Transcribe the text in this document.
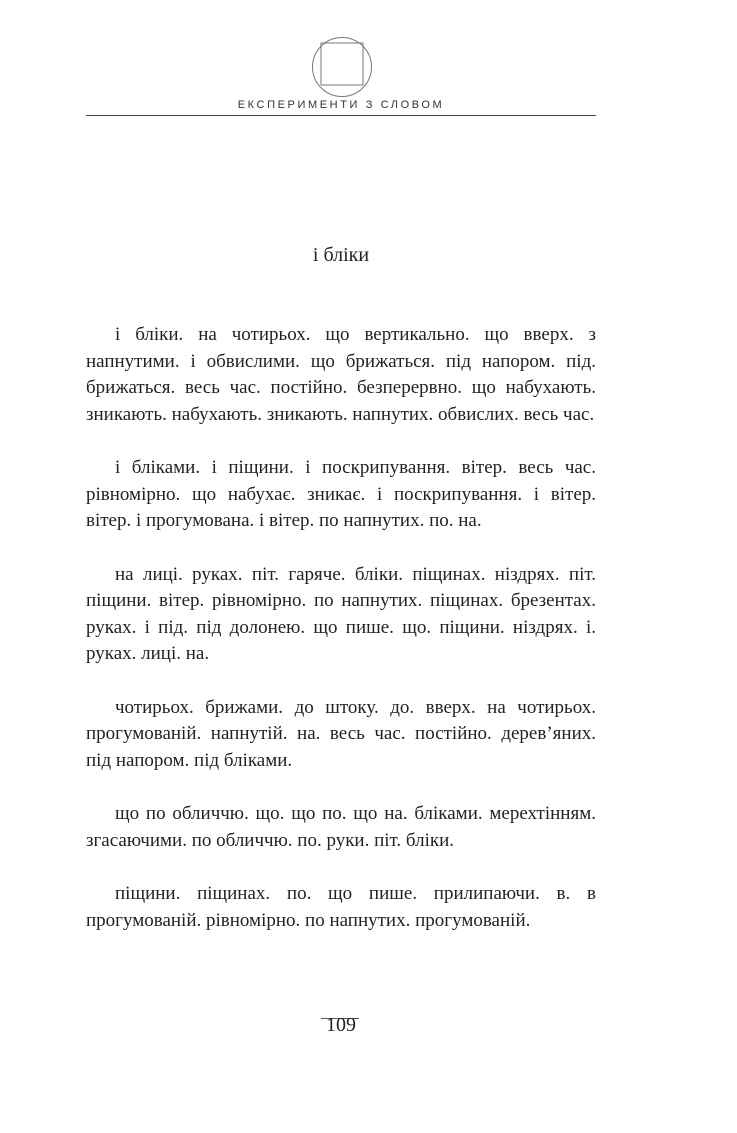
ЕКСПЕРИМЕНТИ З СЛОВОМ
і бліки

і бліки. на чотирьох. що вертикально. що вверх. з напнутими. і обвислими. що брижаться. під напором. під. брижаться. весь час. постійно. безперервно. що набухають. зникають. набухають. зникають. напнутих. обвислих. весь час.

і бліками. і піщини. і поскрипування. вітер. весь час. рівномірно. що набухає. зникає. і поскрипування. і вітер. вітер. і прогумована. і вітер. по напнутих. по. на.

на лиці. руках. піт. гаряче. бліки. піщинах. ніздрях. піт. піщини. вітер. рівномірно. по напнутих. піщинах. брезентах. руках. і під. під долонею. що пише. що. піщини. ніздрях. і. руках. лиці. на.

чотирьох. брижами. до штоку. до. вверх. на чотирьох. прогумованій. напнутій. на. весь час. постійно. дерев’яних. під напором. під бліками.

що по обличчю. що. що по. що на. бліками. мерехтінням. згасаючими. по обличчю. по. руки. піт. бліки.

піщини. піщинах. по. що пише. прилипаючи. в. в прогумованій. рівномірно. по напнутих. прогумованій.

109
